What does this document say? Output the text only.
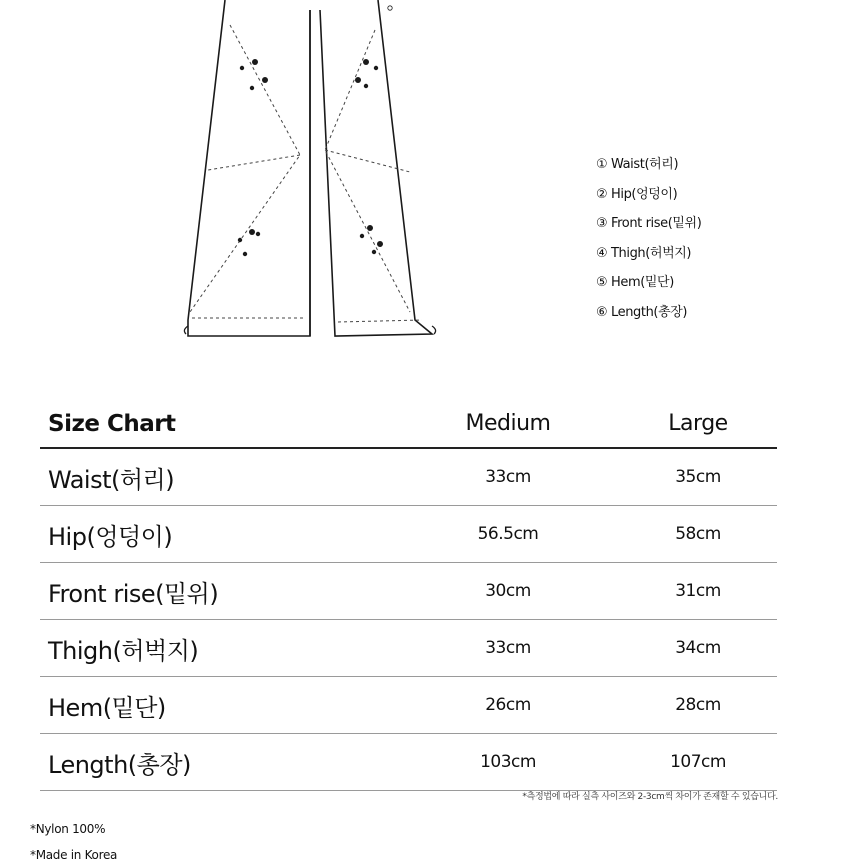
① Waist(허리)
② Hip(엉덩이)
③ Front rise(밑위)
④ Thigh(허벅지)
⑤ Hem(밑단)
⑥ Length(총장)
Size Chart	Medium	Large
Waist(허리)	33cm	35cm
Hip(엉덩이)	56.5cm	58cm
Front rise(밑위)	30cm	31cm
Thigh(허벅지)	33cm	34cm
Hem(밑단)	26cm	28cm
Length(총장)	103cm	107cm
*측정법에 따라 실측 사이즈와 2-3cm씩 차이가 존재할 수 있습니다.
*Nylon 100%
*Made in Korea
